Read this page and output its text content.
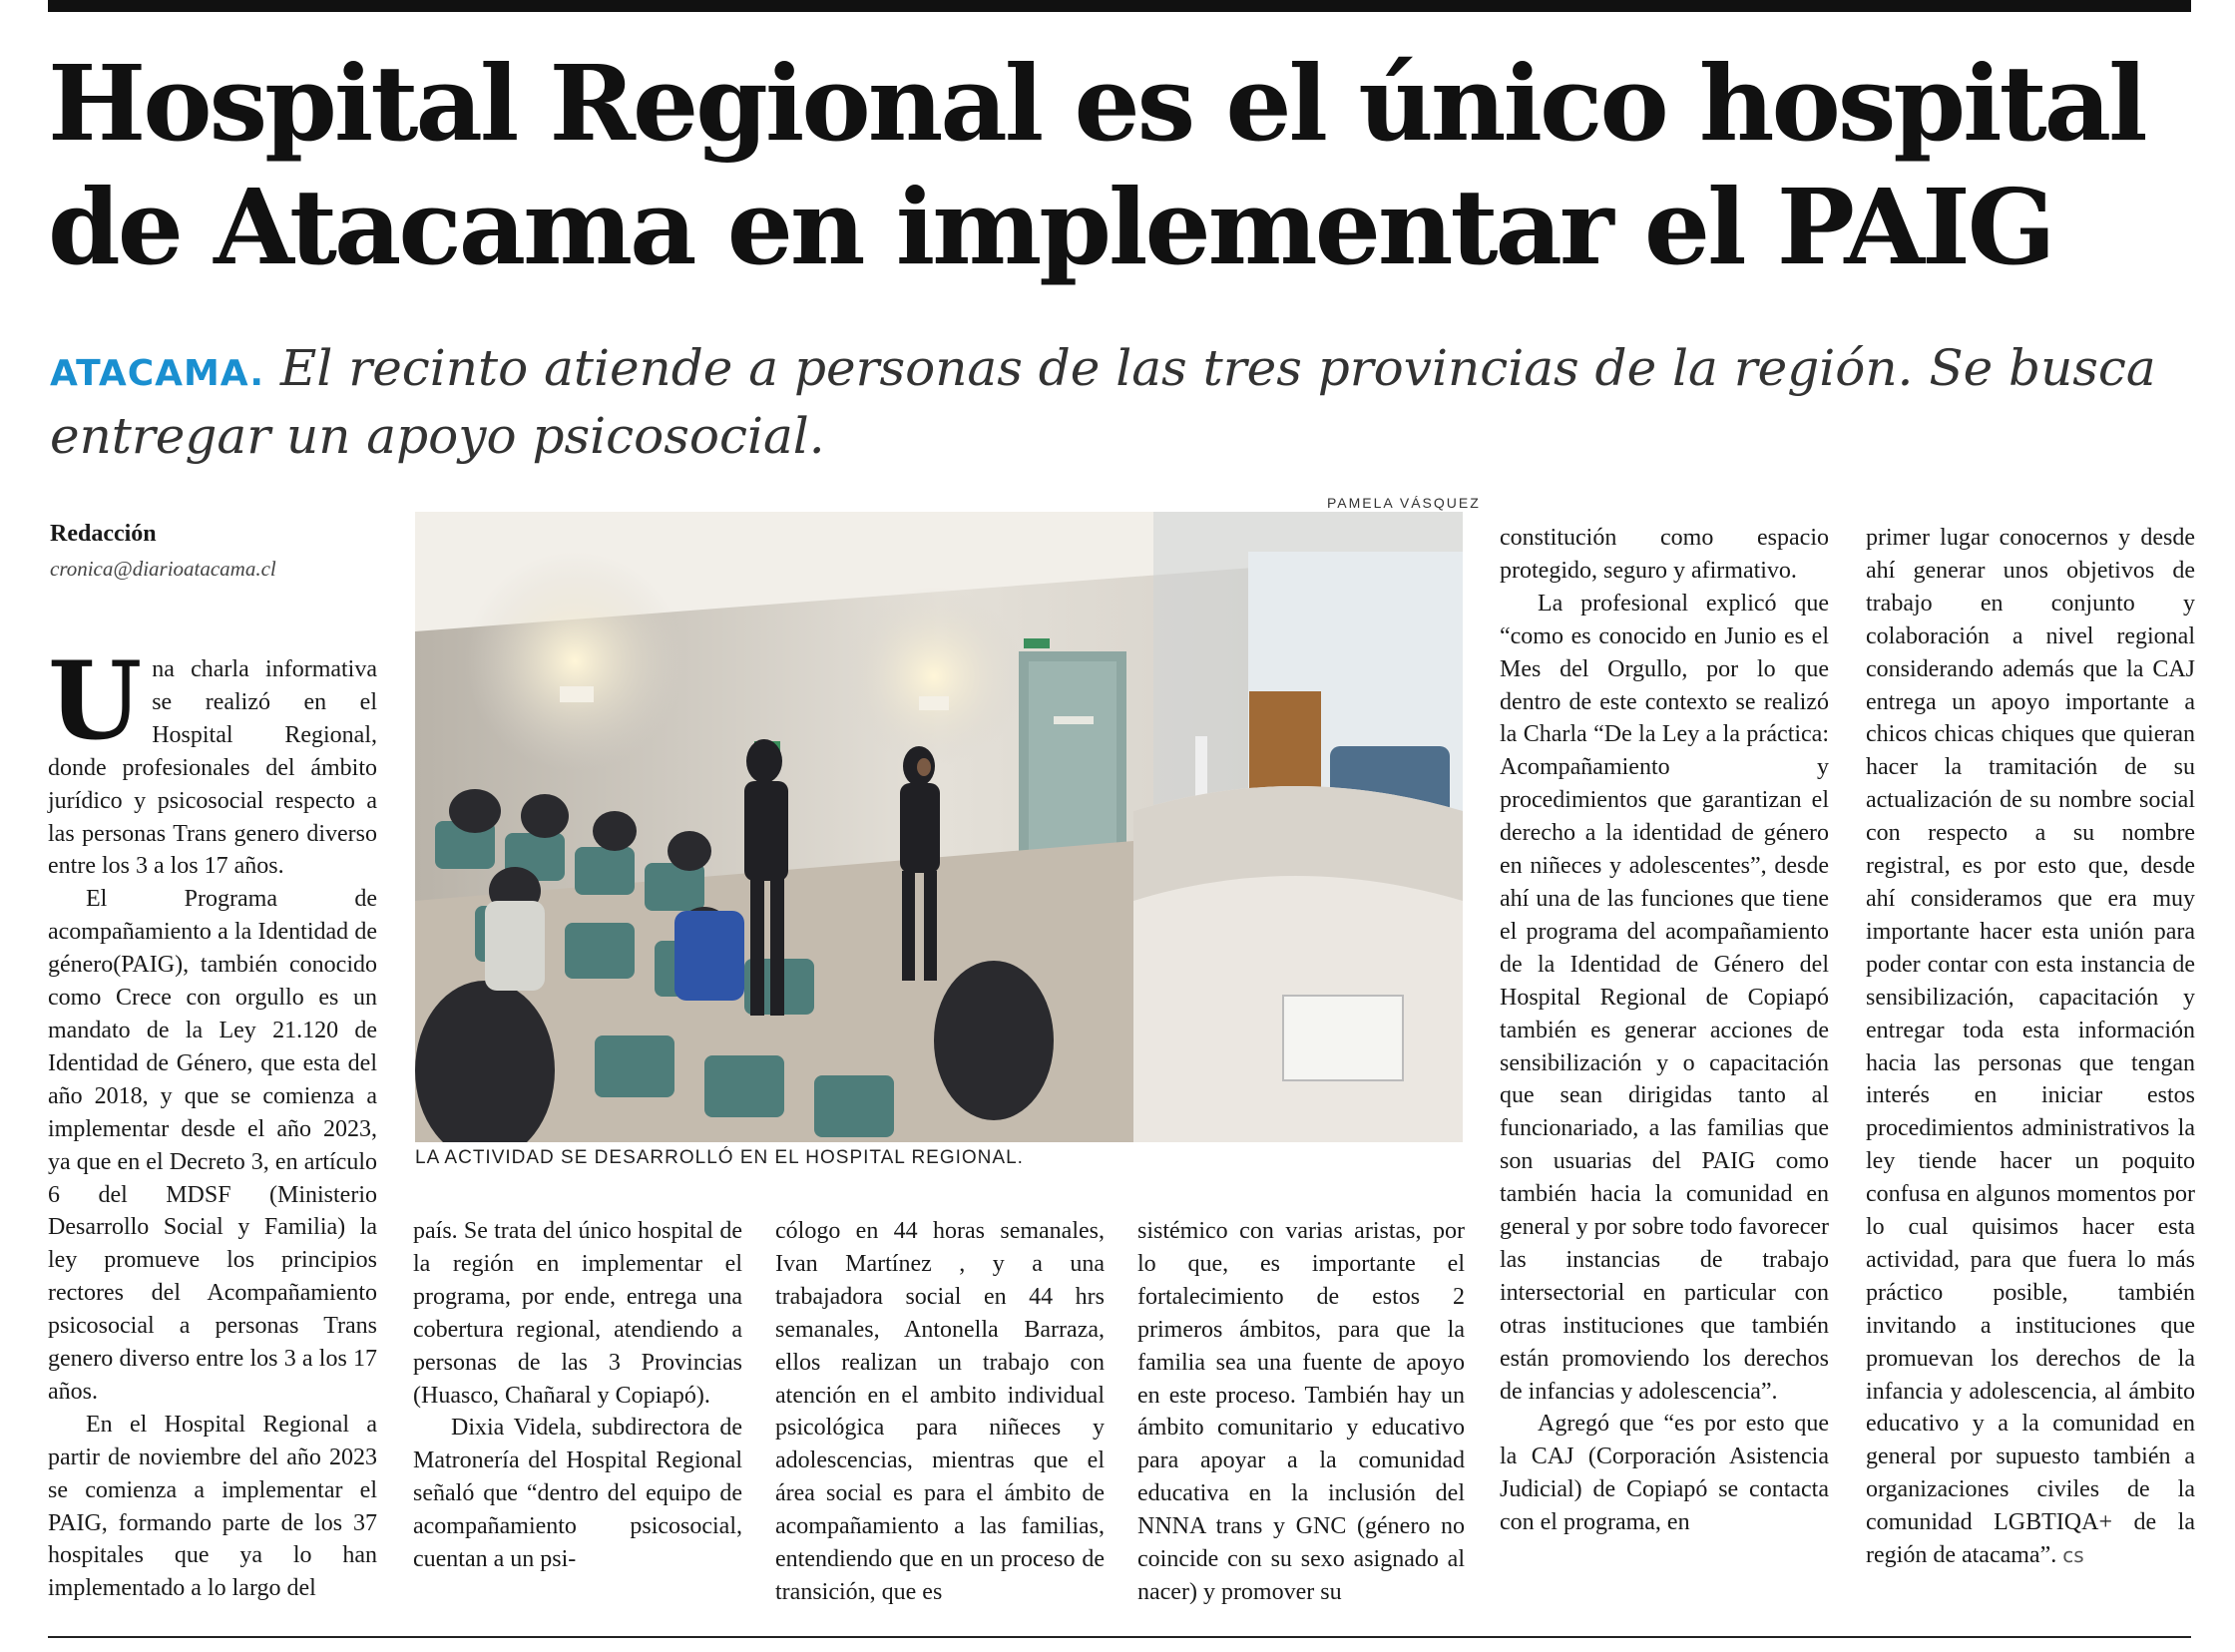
Hospital Regional es el único hospital de Atacama en implementar el PAIG

ATACAMA. El recinto atiende a personas de las tres provincias de la región. Se busca entregar un apoyo psicosocial.

Redacción
cronica@diarioatacama.cl
PAMELA VÁSQUEZ
LA ACTIVIDAD SE DESARROLLÓ EN EL HOSPITAL REGIONAL.

Una charla informativa se realizó en el Hospital Regional, donde profesionales del ámbito jurídico y psicosocial respecto a las personas Trans genero diverso entre los 3 a los 17 años.

El Programa de acompañamiento a la Identidad de género(PAIG), también conocido como Crece con orgullo es un mandato de la Ley 21.120 de Identidad de Género, que esta del año 2018, y que se comienza a implementar desde el año 2023, ya que en el Decreto 3, en artículo 6 del MDSF (Ministerio Desarrollo Social y Familia) la ley promueve los principios rectores del Acompañamiento psicosocial a personas Trans genero diverso entre los 3 a los 17 años.

En el Hospital Regional a partir de noviembre del año 2023 se comienza a implementar el PAIG, formando parte de los 37 hospitales que ya lo han implementado a lo largo del

país. Se trata del único hospital de la región en implementar el programa, por ende, entrega una cobertura regional, atendiendo a personas de las 3 Provincias (Huasco, Chañaral y Copiapó).

Dixia Videla, subdirectora de Matronería del Hospital Regional señaló que “dentro del equipo de acompañamiento psicosocial, cuentan a un psi-

cólogo en 44 horas semanales, Ivan Martínez , y a una trabajadora social en 44 hrs semanales, Antonella Barraza, ellos realizan un trabajo con atención en el ambito individual psicológica para niñeces y adolescencias, mientras que el área social es para el ámbito de acompañamiento a las familias, entendiendo que en un proceso de transición, que es

sistémico con varias aristas, por lo que, es importante el fortalecimiento de estos 2 primeros ámbitos, para que la familia sea una fuente de apoyo en este proceso. También hay un ámbito comunitario y educativo para apoyar a la comunidad educativa en la inclusión del NNNA trans y GNC (género no coincide con su sexo asignado al nacer) y promover su

constitución como espacio protegido, seguro y afirmativo.

La profesional explicó que “como es conocido en Junio es el Mes del Orgullo, por lo que dentro de este contexto se realizó la Charla “De la Ley a la práctica: Acompañamiento y procedimientos que garantizan el derecho a la identidad de género en niñeces y adolescentes”, desde ahí una de las funciones que tiene el programa del acompañamiento de la Identidad de Género del Hospital Regional de Copiapó también es generar acciones de sensibilización y o capacitación que sean dirigidas tanto al funcionariado, a las familias que son usuarias del PAIG como también hacia la comunidad en general y por sobre todo favorecer las instancias de trabajo intersectorial en particular con otras instituciones que también están promoviendo los derechos de infancias y adolescencia”.

Agregó que “es por esto que la CAJ (Corporación Asistencia Judicial) de Copiapó se contacta con el programa, en

primer lugar conocernos y desde ahí generar unos objetivos de trabajo en conjunto y colaboración a nivel regional considerando además que la CAJ entrega un apoyo importante a chicos chicas chiques que quieran hacer la tramitación de su actualización de su nombre social con respecto a su nombre registral, es por esto que, desde ahí consideramos que era muy importante hacer esta unión para poder contar con esta instancia de sensibilización, capacitación y entregar toda esta información hacia las personas que tengan interés en iniciar estos procedimientos administrativos la ley tiende hacer un poquito confusa en algunos momentos por lo cual quisimos hacer esta actividad, para que fuera lo más práctico posible, también invitando a instituciones que promuevan los derechos de la infancia y adolescencia, al ámbito educativo y a la comunidad en general por supuesto también a organizaciones civiles de la comunidad LGBTIQA+ de la región de atacama”. cs
